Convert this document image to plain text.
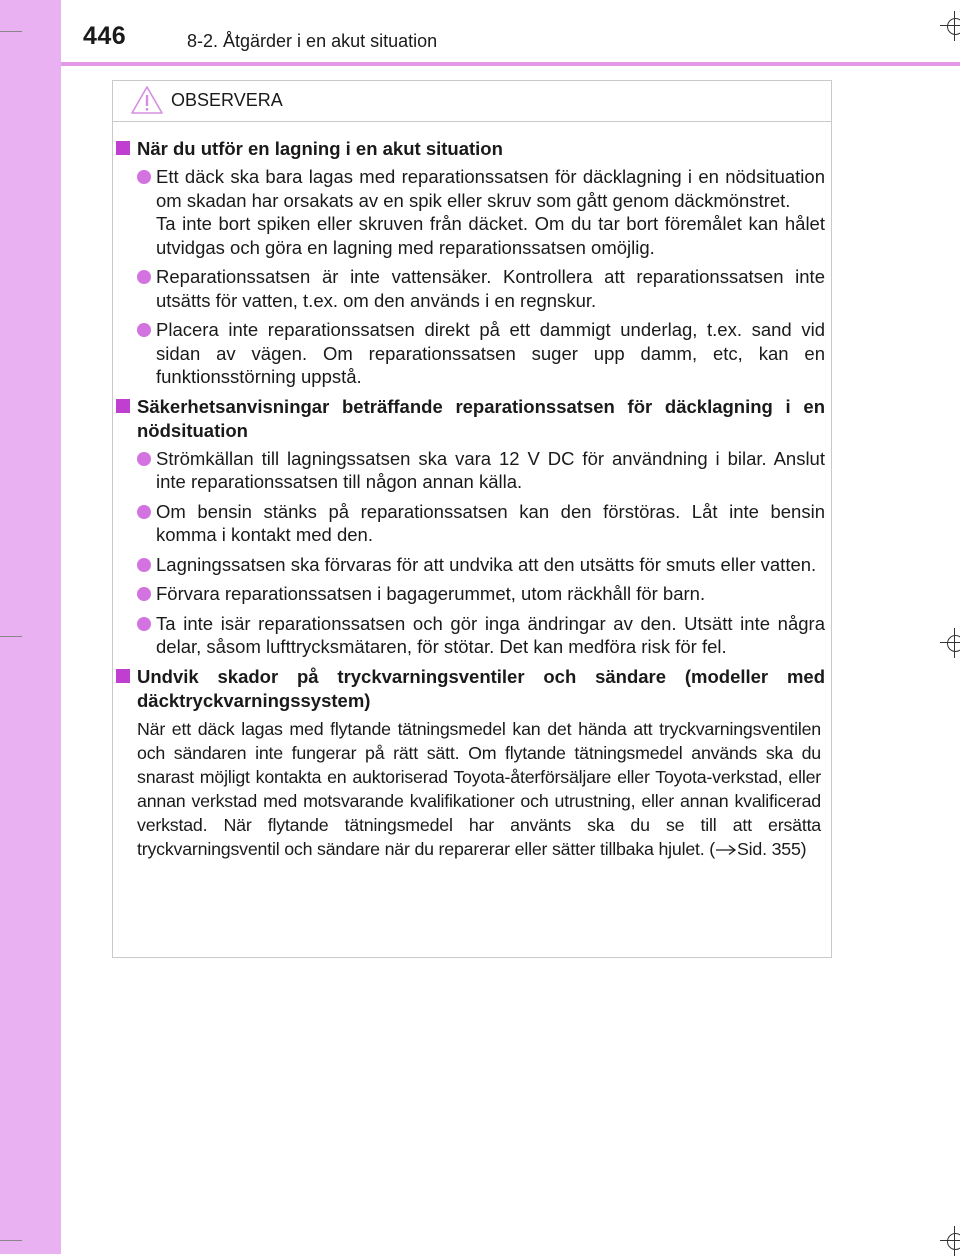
446	8-2. Åtgärder i en akut situation
OBSERVERA
När du utför en lagning i en akut situation

Ett däck ska bara lagas med reparationssatsen för däcklagning i en nödsituation om skadan har orsakats av en spik eller skruv som gått genom däckmönstret.

Ta inte bort spiken eller skruven från däcket. Om du tar bort föremålet kan hålet utvidgas och göra en lagning med reparationssatsen omöjlig.

Reparationssatsen är inte vattensäker. Kontrollera att reparationssatsen inte utsätts för vatten, t.ex. om den används i en regnskur.

Placera inte reparationssatsen direkt på ett dammigt underlag, t.ex. sand vid sidan av vägen. Om reparationssatsen suger upp damm, etc, kan en funktionsstörning uppstå.

Säkerhetsanvisningar beträffande reparationssatsen för däcklagning i en nödsituation

Strömkällan till lagningssatsen ska vara 12 V DC för användning i bilar. Anslut inte reparationssatsen till någon annan källa.

Om bensin stänks på reparationssatsen kan den förstöras. Låt inte bensin komma i kontakt med den.

Lagningssatsen ska förvaras för att undvika att den utsätts för smuts eller vatten.

Förvara reparationssatsen i bagagerummet, utom räckhåll för barn.

Ta inte isär reparationssatsen och gör inga ändringar av den. Utsätt inte några delar, såsom lufttrycksmätaren, för stötar. Det kan medföra risk för fel.

Undvik skador på tryckvarningsventiler och sändare (modeller med däcktryckvarningssystem)

När ett däck lagas med flytande tätningsmedel kan det hända att tryckvarningsventilen och sändaren inte fungerar på rätt sätt. Om flytande tätningsmedel används ska du snarast möjligt kontakta en auktoriserad Toyota-återförsäljare eller Toyota-verkstad, eller annan verkstad med motsvarande kvalifikationer och utrustning, eller annan kvalificerad verkstad. När flytande tätningsmedel har använts ska du se till att ersätta tryckvarningsventil och sändare när du reparerar eller sätter tillbaka hjulet. ( Sid. 355)
